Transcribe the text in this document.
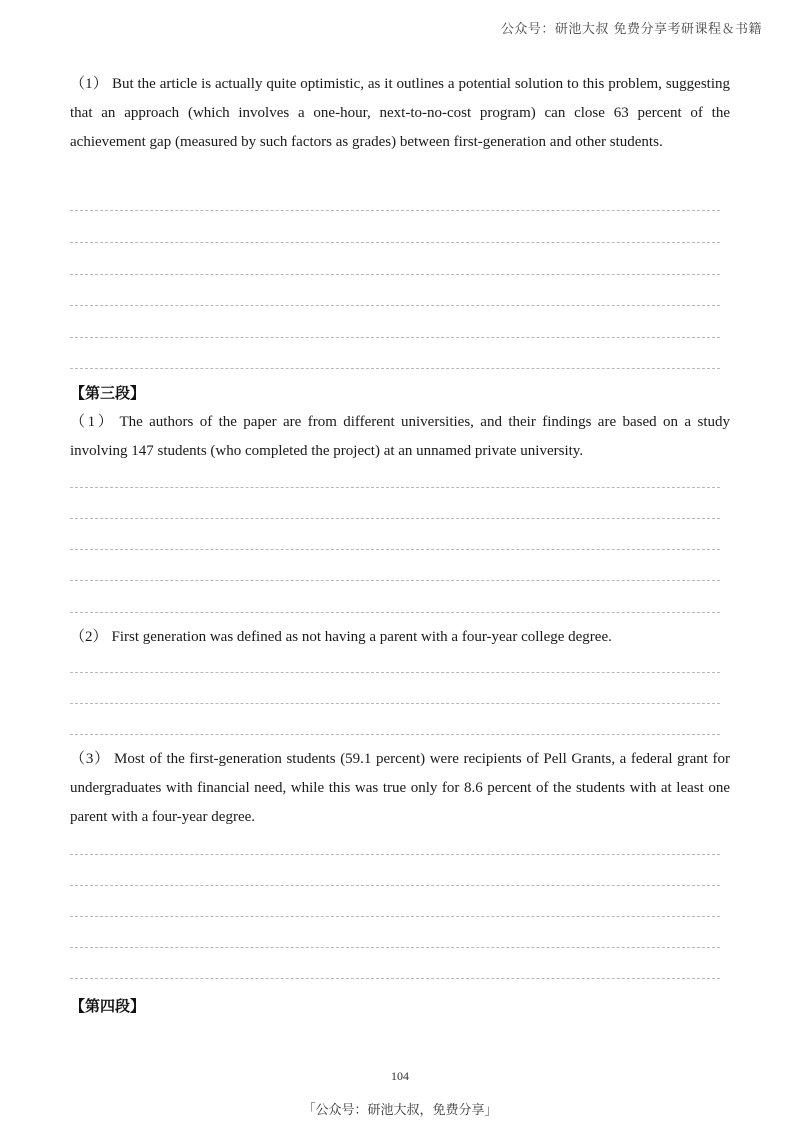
公众号：研池大叔 免费分享考研课程＆书籍
（1） But the article is actually quite optimistic, as it outlines a potential solution to this problem, suggesting that an approach (which involves a one-hour, next-to-no-cost program) can close 63 percent of the achievement gap (measured by such factors as grades) between first-generation and other students.
【第三段】
（1） The authors of the paper are from different universities, and their findings are based on a study involving 147 students (who completed the project) at an unnamed private university.
（2） First generation was defined as not having a parent with a four-year college degree.
（3） Most of the first-generation students (59.1 percent) were recipients of Pell Grants, a federal grant for undergraduates with financial need, while this was true only for 8.6 percent of the students with at least one parent with a four-year degree.
【第四段】
104
「公众号：研池大叔，免费分享」
